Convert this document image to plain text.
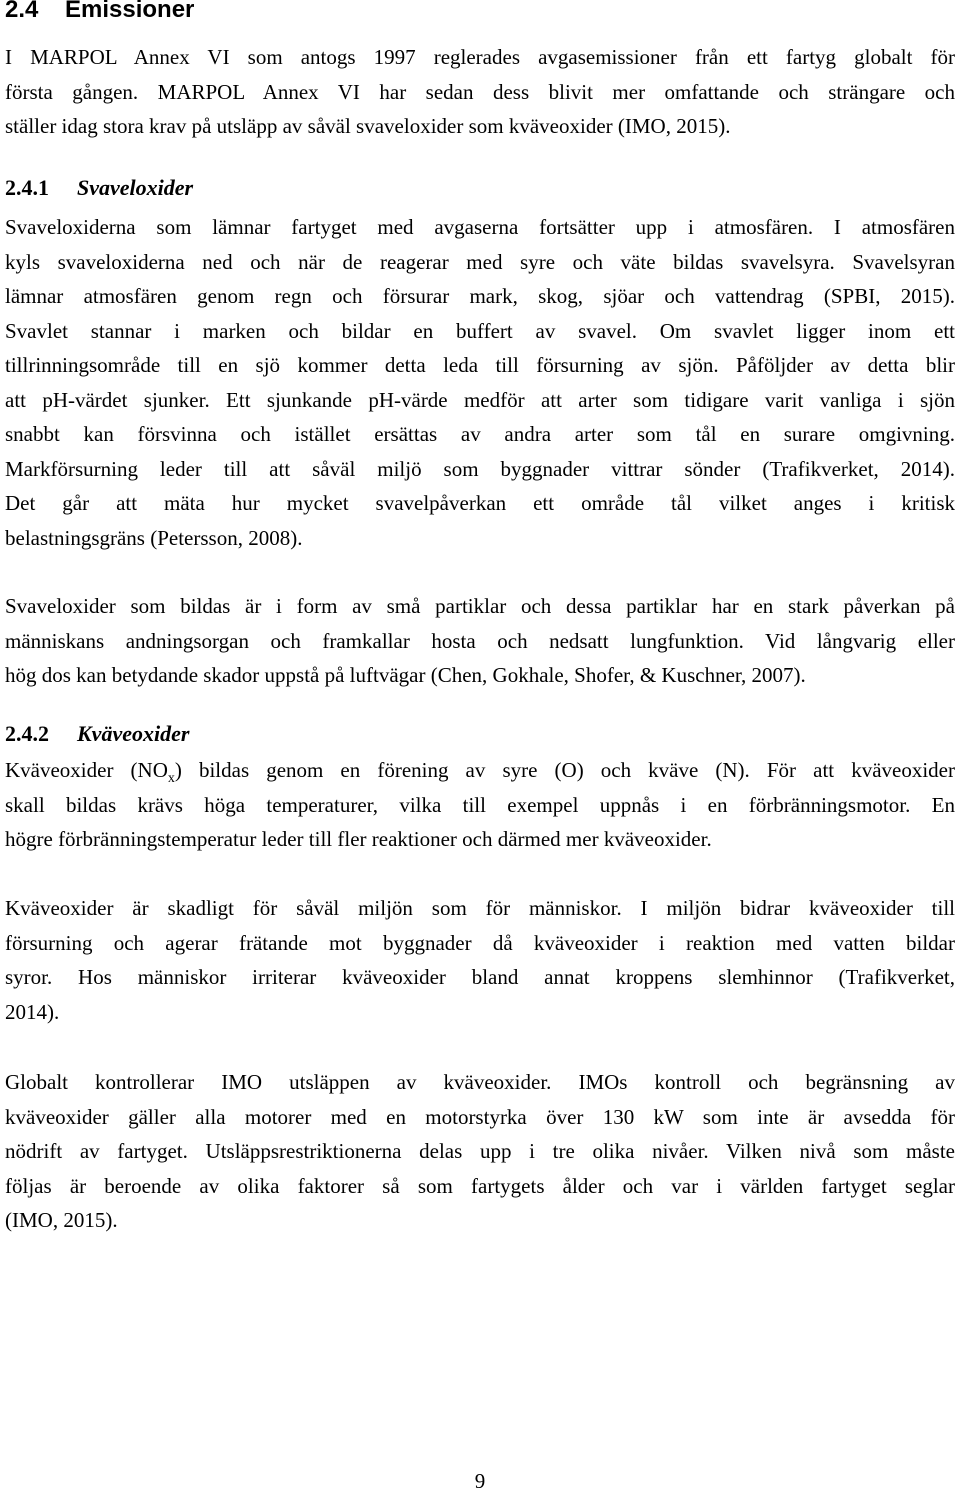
2.4 Emissioner

I MARPOL Annex VI som antogs 1997 reglerades avgasemissioner från ett fartyg globalt för
första gången. MARPOL Annex VI har sedan dess blivit mer omfattande och strängare och
ställer idag stora krav på utsläpp av såväl svaveloxider som kväveoxider (IMO, 2015).

2.4.1 Svaveloxider

Svaveloxiderna som lämnar fartyget med avgaserna fortsätter upp i atmosfären. I atmosfären
kyls svaveloxiderna ned och när de reagerar med syre och väte bildas svavelsyra. Svavelsyran
lämnar atmosfären genom regn och försurar mark, skog, sjöar och vattendrag (SPBI, 2015).
Svavlet stannar i marken och bildar en buffert av svavel. Om svavlet ligger inom ett
tillrinningsområde till en sjö kommer detta leda till försurning av sjön. Påföljder av detta blir
att pH-värdet sjunker. Ett sjunkande pH-värde medför att arter som tidigare varit vanliga i sjön
snabbt kan försvinna och istället ersättas av andra arter som tål en surare omgivning.
Markförsurning leder till att såväl miljö som byggnader vittrar sönder (Trafikverket, 2014).
Det går att mäta hur mycket svavelpåverkan ett område tål vilket anges i kritisk
belastningsgräns (Petersson, 2008).

Svaveloxider som bildas är i form av små partiklar och dessa partiklar har en stark påverkan på
människans andningsorgan och framkallar hosta och nedsatt lungfunktion. Vid långvarig eller
hög dos kan betydande skador uppstå på luftvägar (Chen, Gokhale, Shofer, & Kuschner, 2007).

2.4.2 Kväveoxider

Kväveoxider $(NO_x)$ bildas genom en förening av syre (O) och kväve (N). För att kväveoxider
skall bildas krävs höga temperaturer, vilka till exempel uppnås i en förbränningsmotor. En
högre förbränningstemperatur leder till fler reaktioner och därmed mer kväveoxider.

Kväveoxider är skadligt för såväl miljön som för människor. I miljön bidrar kväveoxider till
försurning och agerar frätande mot byggnader då kväveoxider i reaktion med vatten bildar
syror. Hos människor irriterar kväveoxider bland annat kroppens slemhinnor (Trafikverket,
2014).

Globalt kontrollerar IMO utsläppen av kväveoxider. IMOs kontroll och begränsning av
kväveoxider gäller alla motorer med en motorstyrka över 130 kW som inte är avsedda för
nödrift av fartyget. Utsläppsrestriktionerna delas upp i tre olika nivåer. Vilken nivå som måste
följas är beroende av olika faktorer så som fartygets ålder och var i världen fartyget seglar
(IMO, 2015).

9
